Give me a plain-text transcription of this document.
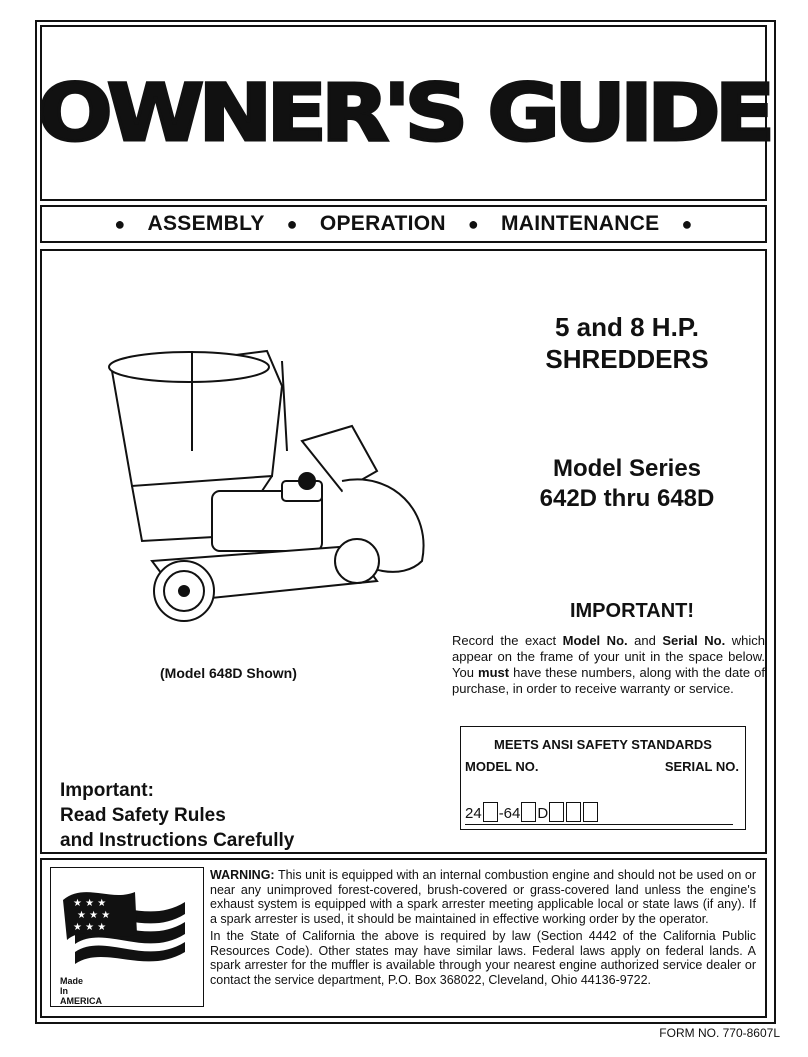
OWNER'S GUIDE
● ASSEMBLY ● OPERATION ● MAINTENANCE ●
5 and 8 H.P.
SHREDDERS
Model Series
642D thru 648D
(Model 648D Shown)
IMPORTANT!
Record the exact Model No. and Serial No. which appear on the frame of your unit in the space below. You must have these numbers, along with the date of purchase, in order to receive warranty or service.
MEETS ANSI SAFETY STANDARDS
MODEL NO.	SERIAL NO.
24 -64 D
Important:
Read Safety Rules
and Instructions Carefully
★ ★ ★
★ ★ ★
★ ★ ★
Made
In
AMERICA

WARNING: This unit is equipped with an internal combustion engine and should not be used on or near any unimproved forest-covered, brush-covered or grass-covered land unless the engine's exhaust system is equipped with a spark arrester meeting applicable local or state laws (if any). If a spark arrester is used, it should be maintained in effective working order by the operator.

In the State of California the above is required by law (Section 4442 of the California Public Resources Code). Other states may have similar laws. Federal laws apply on federal lands. A spark arrester for the muffler is available through your nearest engine authorized service dealer or contact the service department, P.O. Box 368022, Cleveland, Ohio 44136-9722.

FORM NO. 770-8607L
